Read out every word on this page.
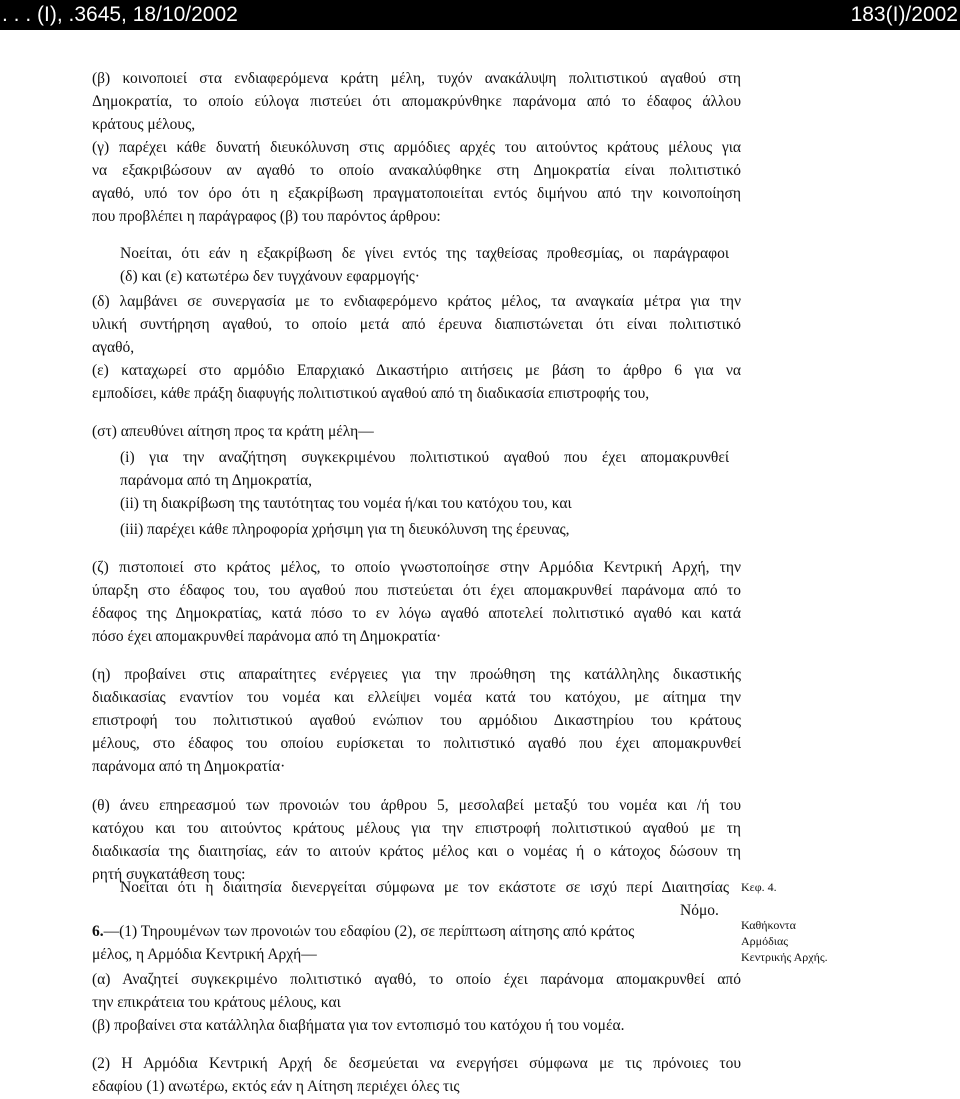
. . . (Ι), .3645, 18/10/2002	183(Ι)/2002
(β) κοινοποιεί στα ενδιαφερόμενα κράτη μέλη, τυχόν ανακάλυψη πολιτιστικού αγαθού στη
Δημοκρατία, το οποίο εύλογα πιστεύει ότι απομακρύνθηκε παράνομα από το έδαφος άλλου
κράτους μέλους,
(γ) παρέχει κάθε δυνατή διευκόλυνση στις αρμόδιες αρχές του αιτούντος κράτους μέλους για
να εξακριβώσουν αν αγαθό το οποίο ανακαλύφθηκε στη Δημοκρατία είναι πολιτιστικό
αγαθό, υπό τον όρο ότι η εξακρίβωση πραγματοποιείται εντός διμήνου από την κοινοποίηση
που προβλέπει η παράγραφος (β) του παρόντος άρθρου:
Νοείται, ότι εάν η εξακρίβωση δε γίνει εντός της ταχθείσας προθεσμίας, οι παράγραφοι
(δ) και (ε) κατωτέρω δεν τυγχάνουν εφαρμογής·
(δ) λαμβάνει σε συνεργασία με το ενδιαφερόμενο κράτος μέλος, τα αναγκαία μέτρα για την
υλική συντήρηση αγαθού, το οποίο μετά από έρευνα διαπιστώνεται ότι είναι πολιτιστικό
αγαθό,
(ε) καταχωρεί στο αρμόδιο Επαρχιακό Δικαστήριο αιτήσεις με βάση το άρθρο 6 για να
εμποδίσει, κάθε πράξη διαφυγής πολιτιστικού αγαθού από τη διαδικασία επιστροφής του,
(στ) απευθύνει αίτηση προς τα κράτη μέλη—
(i) για την αναζήτηση συγκεκριμένου πολιτιστικού αγαθού που έχει απομακρυνθεί
παράνομα από τη Δημοκρατία,
(ii) τη διακρίβωση της ταυτότητας του νομέα ή/και του κατόχου του, και
(iii) παρέχει κάθε πληροφορία χρήσιμη για τη διευκόλυνση της έρευνας,
(ζ) πιστοποιεί στο κράτος μέλος, το οποίο γνωστοποίησε στην Αρμόδια Κεντρική Αρχή, την
ύπαρξη στο έδαφος του, του αγαθού που πιστεύεται ότι έχει απομακρυνθεί παράνομα από το
έδαφος της Δημοκρατίας, κατά πόσο το εν λόγω αγαθό αποτελεί πολιτιστικό αγαθό και κατά
πόσο έχει απομακρυνθεί παράνομα από τη Δημοκρατία·
(η) προβαίνει στις απαραίτητες ενέργειες για την προώθηση της κατάλληλης δικαστικής
διαδικασίας εναντίον του νομέα και ελλείψει νομέα κατά του κατόχου, με αίτημα την
επιστροφή του πολιτιστικού αγαθού ενώπιον του αρμόδιου Δικαστηρίου του κράτους
μέλους, στο έδαφος του οποίου ευρίσκεται το πολιτιστικό αγαθό που έχει απομακρυνθεί
παράνομα από τη Δημοκρατία·
(θ) άνευ επηρεασμού των προνοιών του άρθρου 5, μεσολαβεί μεταξύ του νομέα και /ή του
κατόχου και του αιτούντος κράτους μέλους για την επιστροφή πολιτιστικού αγαθού με τη
διαδικασία της διαιτησίας, εάν το αιτούν κράτος μέλος και ο νομέας ή ο κάτοχος δώσουν τη
ρητή συγκατάθεση τους:
Νοείται ότι η διαιτησία διενεργείται σύμφωνα με τον εκάστοτε σε ισχύ περί Διαιτησίας
Νόμο.
6.—(1) Τηρουμένων των προνοιών του εδαφίου (2), σε περίπτωση αίτησης από κράτος
μέλος, η Αρμόδια Κεντρική Αρχή—
(α) Αναζητεί συγκεκριμένο πολιτιστικό αγαθό, το οποίο έχει παράνομα απομακρυνθεί από
την επικράτεια του κράτους μέλους, και
(β) προβαίνει στα κατάλληλα διαβήματα για τον εντοπισμό του κατόχου ή του νομέα.
(2) Η Αρμόδια Κεντρική Αρχή δε δεσμεύεται να ενεργήσει σύμφωνα με τις πρόνοιες του
εδαφίου (1) ανωτέρω, εκτός εάν η Αίτηση περιέχει όλες τις
Κεφ. 4.
Καθήκοντα
Αρμόδιας
Κεντρικής Αρχής.
